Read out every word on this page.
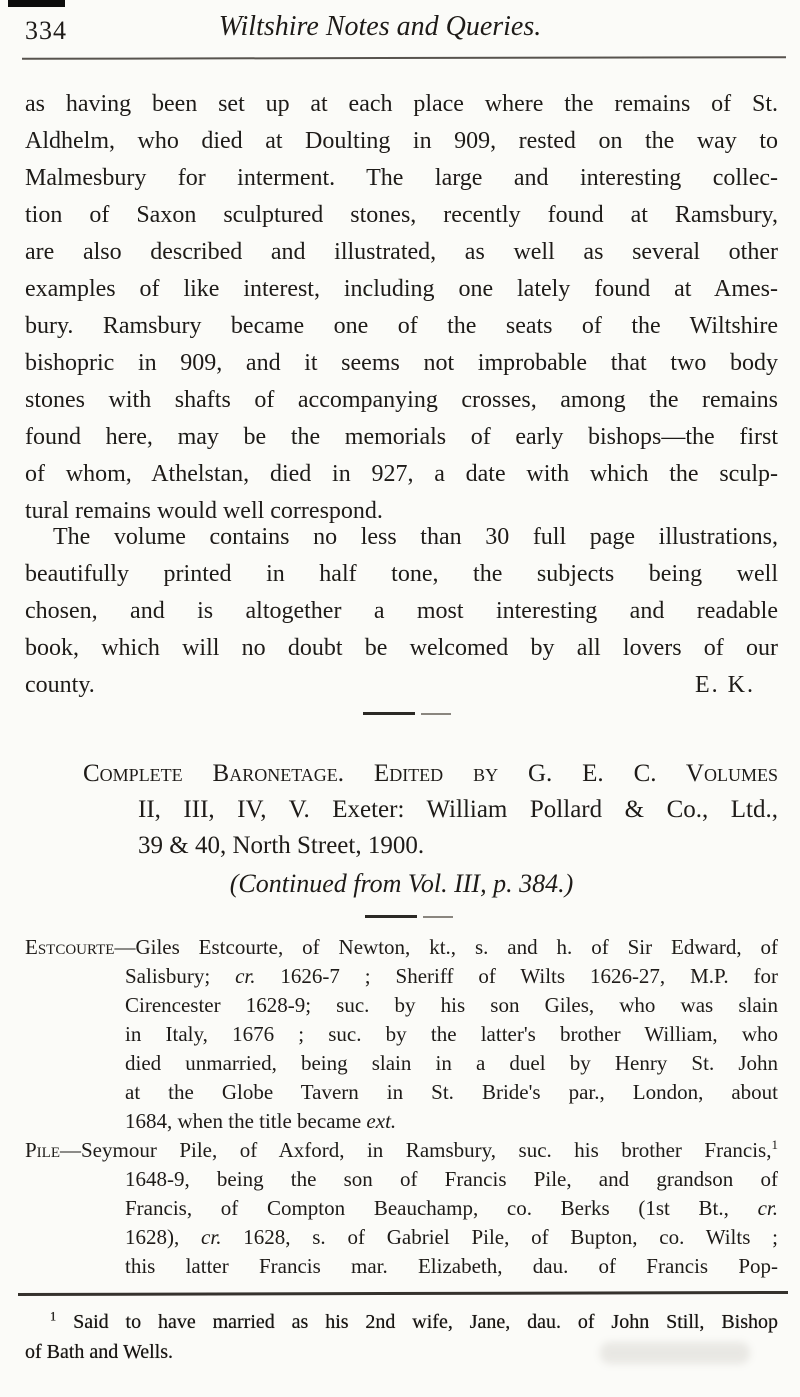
334	Wiltshire Notes and Queries.
as having been set up at each place where the remains of St.
Aldhelm, who died at Doulting in 909, rested on the way to
Malmesbury for interment. The large and interesting collec-
tion of Saxon sculptured stones, recently found at Ramsbury,
are also described and illustrated, as well as several other
examples of like interest, including one lately found at Ames-
bury. Ramsbury became one of the seats of the Wiltshire
bishopric in 909, and it seems not improbable that two body
stones with shafts of accompanying crosses, among the remains
found here, may be the memorials of early bishops—the first
of whom, Athelstan, died in 927, a date with which the sculp-
tural remains would well correspond.
The volume contains no less than 30 full page illustrations,
beautifully printed in half tone, the subjects being well
chosen, and is altogether a most interesting and readable
book, which will no doubt be welcomed by all lovers of our
county.	E. K.
Complete Baronetage. Edited by G. E. C. Volumes
II, III, IV, V. Exeter: William Pollard & Co., Ltd.,
39 & 40, North Street, 1900.
(Continued from Vol. III, p. 384.)
Estcourte—Giles Estcourte, of Newton, kt., s. and h. of Sir Edward, of
Salisbury; cr. 1626-7 ; Sheriff of Wilts 1626-27, M.P. for
Cirencester 1628-9; suc. by his son Giles, who was slain
in Italy, 1676 ; suc. by the latter's brother William, who
died unmarried, being slain in a duel by Henry St. John
at the Globe Tavern in St. Bride's par., London, about
1684, when the title became ext.
Pile—Seymour Pile, of Axford, in Ramsbury, suc. his brother Francis,$^1$
1648-9, being the son of Francis Pile, and grandson of
Francis, of Compton Beauchamp, co. Berks (1st Bt., cr.
1628), cr. 1628, s. of Gabriel Pile, of Bupton, co. Wilts ;
this latter Francis mar. Elizabeth, dau. of Francis Pop-
$^1$ Said to have married as his 2nd wife, Jane, dau. of John Still, Bishop
of Bath and Wells.
